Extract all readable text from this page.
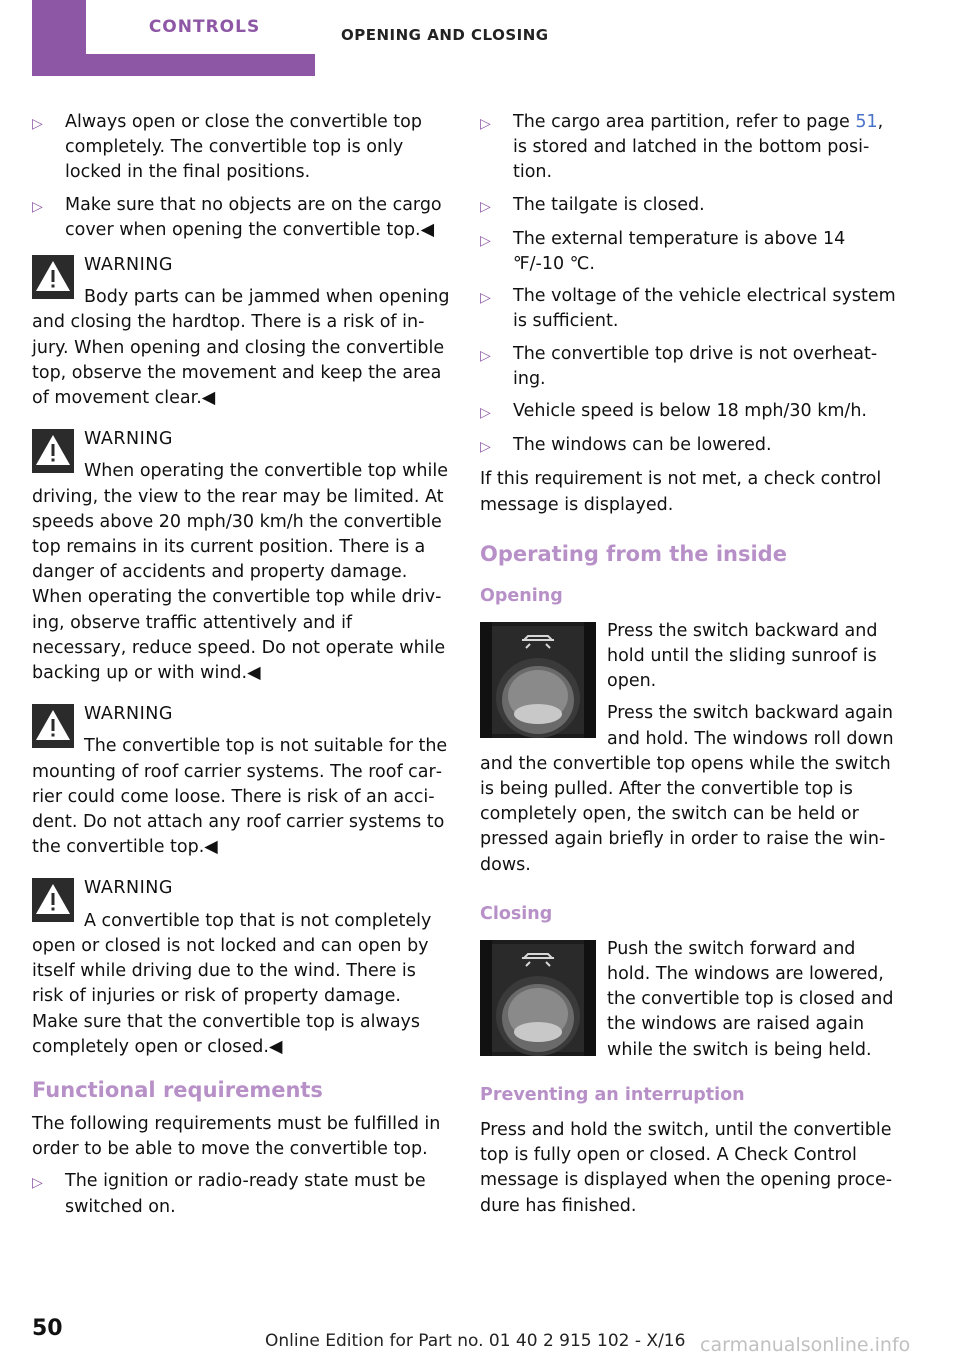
CONTROLS	OPENING AND CLOSING
▷	Always open or close the convertible top completely. The convertible top is only locked in the final positions.
▷	Make sure that no objects are on the cargo cover when opening the convertible top.◀
WARNING
Body parts can be jammed when opening and closing the hardtop. There is a risk of injury. When opening and closing the convertible top, observe the movement and keep the area of movement clear.◀
WARNING
When operating the convertible top while driving, the view to the rear may be limited. At speeds above 20 mph/30 km/h the convertible top remains in its current position. There is a danger of accidents and property damage. When operating the convertible top while driving, observe traffic attentively and if necessary, reduce speed. Do not operate while backing up or with wind.◀
WARNING
The convertible top is not suitable for the mounting of roof carrier systems. The roof carrier could come loose. There is risk of an accident. Do not attach any roof carrier systems to the convertible top.◀
WARNING
A convertible top that is not completely open or closed is not locked and can open by itself while driving due to the wind. There is risk of injuries or risk of property damage. Make sure that the convertible top is always completely open or closed.◀
Functional requirements

The following requirements must be fulfilled in order to be able to move the convertible top.

▷	The ignition or radio-ready state must be switched on.
▷	The cargo area partition, refer to page 51, is stored and latched in the bottom position.
▷	The tailgate is closed.
▷	The external temperature is above 14 ℉/-10 ℃.
▷	The voltage of the vehicle electrical system is sufficient.
▷	The convertible top drive is not overheating.
▷	Vehicle speed is below 18 mph/30 km/h.
▷	The windows can be lowered.

If this requirement is not met, a check control message is displayed.

Operating from the inside
Opening

Press the switch backward and hold until the sliding sunroof is open.

Press the switch backward again and hold. The windows roll down and the convertible top opens while the switch is being pulled. After the convertible top is completely open, the switch can be held or pressed again briefly in order to raise the windows.

Closing

Push the switch forward and hold. The windows are lowered, the convertible top is closed and the windows are raised again while the switch is being held.

Preventing an interruption

Press and hold the switch, until the convertible top is fully open or closed. A Check Control message is displayed when the opening procedure has finished.

50	Online Edition for Part no. 01 40 2 915 102 - X/16 carmanualsonline.info
